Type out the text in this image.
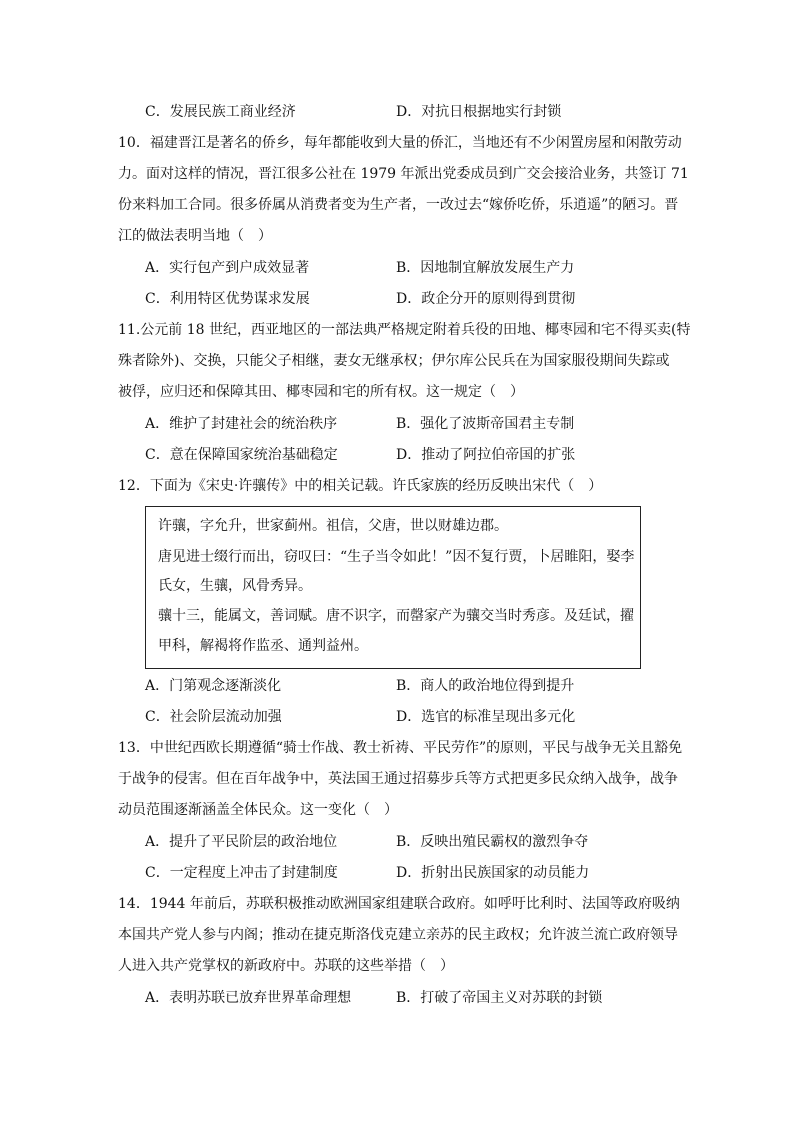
C．发展民族工商业经济	D．对抗日根据地实行封锁
10．福建晋江是著名的侨乡，每年都能收到大量的侨汇，当地还有不少闲置房屋和闲散劳动
力。面对这样的情况，晋江很多公社在 1979 年派出党委成员到广交会接洽业务，共签订 71
份来料加工合同。很多侨属从消费者变为生产者，一改过去“嫁侨吃侨，乐逍遥”的陋习。晋
江的做法表明当地（　）
A．实行包产到户成效显著	B．因地制宜解放发展生产力
C．利用特区优势谋求发展	D．政企分开的原则得到贯彻
11.公元前 18 世纪，西亚地区的一部法典严格规定附着兵役的田地、椰枣园和宅不得买卖(特
殊者除外)、交换，只能父子相继，妻女无继承权；伊尔库公民兵在为国家服役期间失踪或
被俘，应归还和保障其田、椰枣园和宅的所有权。这一规定（　）
A．维护了封建社会的统治秩序	B．强化了波斯帝国君主专制
C．意在保障国家统治基础稳定	D．推动了阿拉伯帝国的扩张
12．下面为《宋史·许骧传》中的相关记载。许氏家族的经历反映出宋代（　）
许骧，字允升，世家蓟州。祖信，父唐，世以财雄边郡。
唐见进士缀行而出，窃叹曰：“生子当令如此！”因不复行贾，卜居睢阳，娶李
氏女，生骧，风骨秀异。
骧十三，能属文，善词赋。唐不识字，而罄家产为骧交当时秀彦。及廷试，擢
甲科，解褐将作监丞、通判益州。
A．门第观念逐渐淡化	B．商人的政治地位得到提升
C．社会阶层流动加强	D．选官的标准呈现出多元化
13．中世纪西欧长期遵循“骑士作战、教士祈祷、平民劳作”的原则，平民与战争无关且豁免
于战争的侵害。但在百年战争中，英法国王通过招募步兵等方式把更多民众纳入战争，战争
动员范围逐渐涵盖全体民众。这一变化（　）
A．提升了平民阶层的政治地位	B．反映出殖民霸权的激烈争夺
C．一定程度上冲击了封建制度	D．折射出民族国家的动员能力
14．1944 年前后，苏联积极推动欧洲国家组建联合政府。如呼吁比利时、法国等政府吸纳
本国共产党人参与内阁；推动在捷克斯洛伐克建立亲苏的民主政权；允许波兰流亡政府领导
人进入共产党掌权的新政府中。苏联的这些举措（　）
A．表明苏联已放弃世界革命理想	B．打破了帝国主义对苏联的封锁
